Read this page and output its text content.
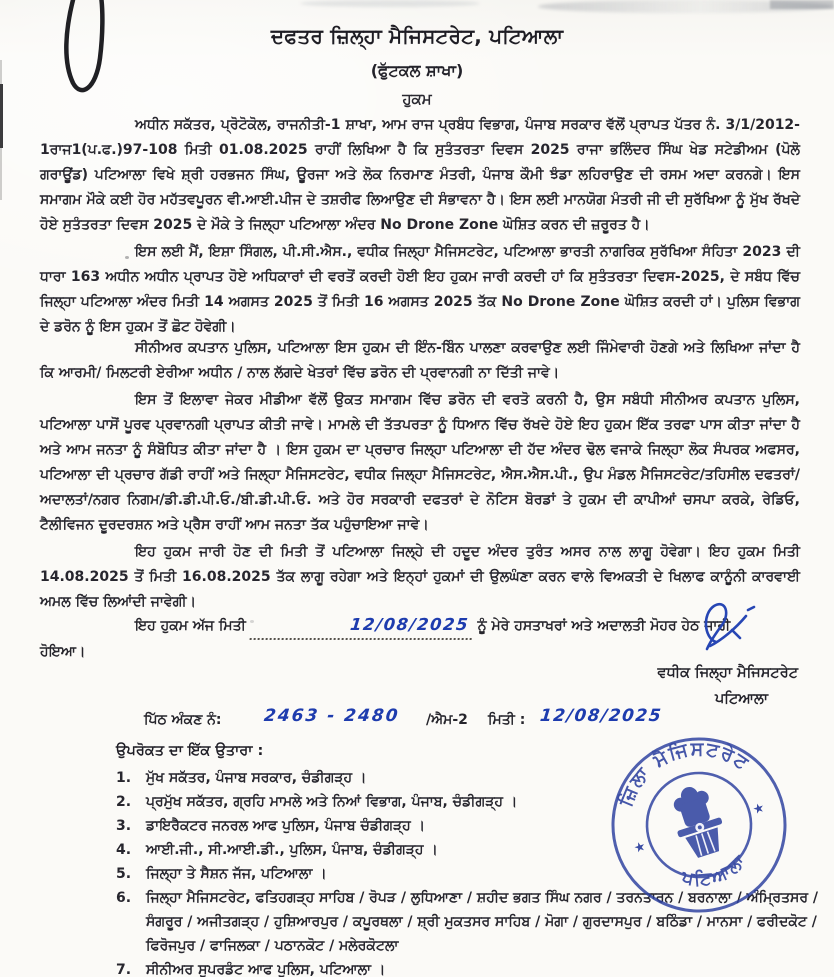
ਦਫਤਰ ਜ਼ਿਲ੍ਹਾ ਮੈਜਿਸਟਰੇਟ, ਪਟਿਆਲਾ
(ਫੁੱਟਕਲ ਸ਼ਾਖਾ)
ਹੁਕਮ

ਅਧੀਨ ਸਕੱਤਰ, ਪ੍ਰੋਟੋਕੋਲ, ਰਾਜਨੀਤੀ-1 ਸ਼ਾਖਾ, ਆਮ ਰਾਜ ਪ੍ਰਬੰਧ ਵਿਭਾਗ, ਪੰਜਾਬ ਸਰਕਾਰ ਵੱਲੋਂ ਪ੍ਰਾਪਤ ਪੱਤਰ ਨੰ. 3/1/2012-1ਰਾਜ1(ਪ.ਫ.)97-108 ਮਿਤੀ 01.08.2025 ਰਾਹੀਂ ਲਿਖਿਆ ਹੈ ਕਿ ਸੁਤੰਤਰਤਾ ਦਿਵਸ 2025 ਰਾਜਾ ਭਲਿੰਦਰ ਸਿੰਘ ਖੇਡ ਸਟੇਡੀਅਮ (ਪੋਲੋ ਗਰਾਊਂਡ) ਪਟਿਆਲਾ ਵਿਖੇ ਸ਼੍ਰੀ ਹਰਭਜਨ ਸਿੰਘ, ਊਰਜਾ ਅਤੇ ਲੋਕ ਨਿਰਮਾਣ ਮੰਤਰੀ, ਪੰਜਾਬ ਕੌਮੀ ਝੰਡਾ ਲਹਿਰਾਉਣ ਦੀ ਰਸਮ ਅਦਾ ਕਰਨਗੇ। ਇਸ ਸਮਾਗਮ ਮੌਕੇ ਕਈ ਹੋਰ ਮਹੱਤਵਪੂਰਨ ਵੀ.ਆਈ.ਪੀਜ ਦੇ ਤਸ਼ਰੀਫ ਲਿਆਉਣ ਦੀ ਸੰਭਾਵਨਾ ਹੈ। ਇਸ ਲਈ ਮਾਨਯੋਗ ਮੰਤਰੀ ਜੀ ਦੀ ਸੁਰੱਖਿਆ ਨੂੰ ਮੁੱਖ ਰੱਖਦੇ ਹੋਏ ਸੁਤੰਤਰਤਾ ਦਿਵਸ 2025 ਦੇ ਮੌਕੇ ਤੇ ਜਿਲ੍ਹਾ ਪਟਿਆਲਾ ਅੰਦਰ No Drone Zone ਘੋਸ਼ਿਤ ਕਰਨ ਦੀ ਜ਼ਰੂਰਤ ਹੈ।

ਇਸ ਲਈ ਮੈਂ, ਇਸ਼ਾ ਸਿੰਗਲ, ਪੀ.ਸੀ.ਐਸ., ਵਧੀਕ ਜਿਲ੍ਹਾ ਮੈਜਿਸਟਰੇਟ, ਪਟਿਆਲਾ ਭਾਰਤੀ ਨਾਗਰਿਕ ਸੁਰੱਖਿਆ ਸੰਹਿਤਾ 2023 ਦੀ ਧਾਰਾ 163 ਅਧੀਨ ਅਧੀਨ ਪ੍ਰਾਪਤ ਹੋਏ ਅਧਿਕਾਰਾਂ ਦੀ ਵਰਤੋਂ ਕਰਦੀ ਹੋਈ ਇਹ ਹੁਕਮ ਜਾਰੀ ਕਰਦੀ ਹਾਂ ਕਿ ਸੁਤੰਤਰਤਾ ਦਿਵਸ-2025, ਦੇ ਸਬੰਧ ਵਿੱਚ ਜਿਲ੍ਹਾ ਪਟਿਆਲਾ ਅੰਦਰ ਮਿਤੀ 14 ਅਗਸਤ 2025 ਤੋਂ ਮਿਤੀ 16 ਅਗਸਤ 2025 ਤੱਕ No Drone Zone ਘੋਸ਼ਿਤ ਕਰਦੀ ਹਾਂ। ਪੁਲਿਸ ਵਿਭਾਗ ਦੇ ਡਰੋਨ ਨੂੰ ਇਸ ਹੁਕਮ ਤੋਂ ਛੋਟ ਹੋਵੇਗੀ।

ਸੀਨੀਅਰ ਕਪਤਾਨ ਪੁਲਿਸ, ਪਟਿਆਲਾ ਇਸ ਹੁਕਮ ਦੀ ਇੰਨ-ਬਿੰਨ ਪਾਲਣਾ ਕਰਵਾਉਣ ਲਈ ਜਿੰਮੇਵਾਰੀ ਹੋਣਗੇ ਅਤੇ ਲਿਖਿਆ ਜਾਂਦਾ ਹੈ ਕਿ ਆਰਮੀ/ ਮਿਲਟਰੀ ਏਰੀਆ ਅਧੀਨ / ਨਾਲ ਲੱਗਦੇ ਖੇਤਰਾਂ ਵਿੱਚ ਡਰੋਨ ਦੀ ਪ੍ਰਵਾਨਗੀ ਨਾ ਦਿੱਤੀ ਜਾਵੇ।

ਇਸ ਤੋਂ ਇਲਾਵਾ ਜੇਕਰ ਮੀਡੀਆ ਵੱਲੋਂ ਉਕਤ ਸਮਾਗਮ ਵਿੱਚ ਡਰੋਨ ਦੀ ਵਰਤੋ ਕਰਨੀ ਹੈ, ਉਸ ਸਬੰਧੀ ਸੀਨੀਅਰ ਕਪਤਾਨ ਪੁਲਿਸ, ਪਟਿਆਲਾ ਪਾਸੋਂ ਪੂਰਵ ਪ੍ਰਵਾਨਗੀ ਪ੍ਰਾਪਤ ਕੀਤੀ ਜਾਵੇ। ਮਾਮਲੇ ਦੀ ਤੱਤਪਰਤਾ ਨੂੰ ਧਿਆਨ ਵਿੱਚ ਰੱਖਦੇ ਹੋਏ ਇਹ ਹੁਕਮ ਇੱਕ ਤਰਫਾ ਪਾਸ ਕੀਤਾ ਜਾਂਦਾ ਹੈ ਅਤੇ ਆਮ ਜਨਤਾ ਨੂੰ ਸੰਬੋਧਿਤ ਕੀਤਾ ਜਾਂਦਾ ਹੈ । ਇਸ ਹੁਕਮ ਦਾ ਪ੍ਰਚਾਰ ਜਿਲ੍ਹਾ ਪਟਿਆਲਾ ਦੀ ਹੱਦ ਅੰਦਰ ਢੋਲ ਵਜਾਕੇ ਜਿਲ੍ਹਾ ਲੋਕ ਸੰਪਰਕ ਅਫਸਰ, ਪਟਿਆਲਾ ਦੀ ਪ੍ਰਚਾਰ ਗੱਡੀ ਰਾਹੀਂ ਅਤੇ ਜਿਲ੍ਹਾ ਮੈਜਿਸਟਰੇਟ, ਵਧੀਕ ਜਿਲ੍ਹਾ ਮੈਜਿਸਟਰੇਟ, ਐਸ.ਐਸ.ਪੀ., ਉਪ ਮੰਡਲ ਮੈਜਿਸਟਰੇਟ/ਤਹਿਸੀਲ ਦਫਤਰਾਂ/ਅਦਾਲਤਾਂ/ਨਗਰ ਨਿਗਮ/ਡੀ.ਡੀ.ਪੀ.ਓ./ਬੀ.ਡੀ.ਪੀ.ਓ. ਅਤੇ ਹੋਰ ਸਰਕਾਰੀ ਦਫਤਰਾਂ ਦੇ ਨੋਟਿਸ ਬੋਰਡਾਂ ਤੇ ਹੁਕਮ ਦੀ ਕਾਪੀਆਂ ਚਸਪਾ ਕਰਕੇ, ਰੇਡਿਓ, ਟੈਲੀਵਿਜਨ ਦੂਰਦਰਸ਼ਨ ਅਤੇ ਪ੍ਰੈਸ ਰਾਹੀਂ ਆਮ ਜਨਤਾ ਤੱਕ ਪਹੁੰਚਾਇਆ ਜਾਵੇ।

ਇਹ ਹੁਕਮ ਜਾਰੀ ਹੋਣ ਦੀ ਮਿਤੀ ਤੋਂ ਪਟਿਆਲਾ ਜਿਲ੍ਹੇ ਦੀ ਹਦੂਦ ਅੰਦਰ ਤੁਰੰਤ ਅਸਰ ਨਾਲ ਲਾਗੂ ਹੋਵੇਗਾ। ਇਹ ਹੁਕਮ ਮਿਤੀ 14.08.2025 ਤੋਂ ਮਿਤੀ 16.08.2025 ਤੱਕ ਲਾਗੂ ਰਹੇਗਾ ਅਤੇ ਇਨ੍ਹਾਂ ਹੁਕਮਾਂ ਦੀ ਉਲਘੰਣਾ ਕਰਨ ਵਾਲੇ ਵਿਅਕਤੀ ਦੇ ਖਿਲਾਫ ਕਾਨੂੰਨੀ ਕਾਰਵਾਈ ਅਮਲ ਵਿੱਚ ਲਿਆਂਦੀ ਜਾਵੇਗੀ।

ਇਹ ਹੁਕਮ ਅੱਜ ਮਿਤੀ	12/08/2025 ਨੂੰ ਮੇਰੇ ਹਸਤਾਖਰਾਂ ਅਤੇ ਅਦਾਲਤੀ ਮੋਹਰ ਹੇਠ ਜਾਰੀ ਹੋਇਆ।
ਵਧੀਕ ਜਿਲ੍ਹਾ ਮੈਜਿਸਟਰੇਟ
ਪਟਿਆਲਾ
ਪਿੱਠ ਅੰਕਣ ਨੰ: 2463 - 2480 /ਐਮ-2 ਮਿਤੀ : 12/08/2025
ਉਪਰੋਕਤ ਦਾ ਇੱਕ ਉਤਾਰਾ :
1.	ਮੁੱਖ ਸਕੱਤਰ, ਪੰਜਾਬ ਸਰਕਾਰ, ਚੰਡੀਗੜ੍ਹ ।
2.	ਪ੍ਰਮੁੱਖ ਸਕੱਤਰ, ਗ੍ਰਹਿ ਮਾਮਲੇ ਅਤੇ ਨਿਆਂ ਵਿਭਾਗ, ਪੰਜਾਬ, ਚੰਡੀਗੜ੍ਹ ।
3.	ਡਾਇਰੈਕਟਰ ਜਨਰਲ ਆਫ ਪੁਲਿਸ, ਪੰਜਾਬ ਚੰਡੀਗੜ੍ਹ ।
4.	ਆਈ.ਜੀ., ਸੀ.ਆਈ.ਡੀ., ਪੁਲਿਸ, ਪੰਜਾਬ, ਚੰਡੀਗੜ੍ਹ ।
5.	ਜਿਲ੍ਹਾ ਤੇ ਸੈਸ਼ਨ ਜੱਜ, ਪਟਿਆਲਾ ।
6.	ਜਿਲ੍ਹਾ ਮੈਜਿਸਟਰੇਟ, ਫਤਿਹਗੜ੍ਹ ਸਾਹਿਬ / ਰੋਪੜ / ਲੁਧਿਆਣਾ / ਸ਼ਹੀਦ ਭਗਤ ਸਿੰਘ ਨਗਰ / ਤਰਨਤਾਰਨ / ਬਰਨਾਲਾ / ਅੰਮ੍ਰਿਤਸਰ / ਸੰਗਰੂਰ / ਅਜੀਤਗੜ੍ਹ / ਹੁਸ਼ਿਆਰਪੁਰ / ਕਪੂਰਥਲਾ / ਸ਼੍ਰੀ ਮੁਕਤਸਰ ਸਾਹਿਬ / ਮੋਗਾ / ਗੁਰਦਾਸਪੁਰ / ਬਠਿੰਡਾ / ਮਾਨਸਾ / ਫਰੀਦਕੋਟ / ਫਿਰੋਜਪੁਰ / ਫਾਜਿਲਕਾ / ਪਠਾਨਕੋਟ / ਮਲੇਰਕੋਟਲਾ
7.	ਸੀਨੀਅਰ ਸੁਪਰਡੰਟ ਆਫ ਪੁਲਿਸ, ਪਟਿਆਲਾ ।
ਜ਼ਿਲਾ ਮੈਜਿਸਟਰੇਟ
ਪਟਿਆਲਾ
★
★
